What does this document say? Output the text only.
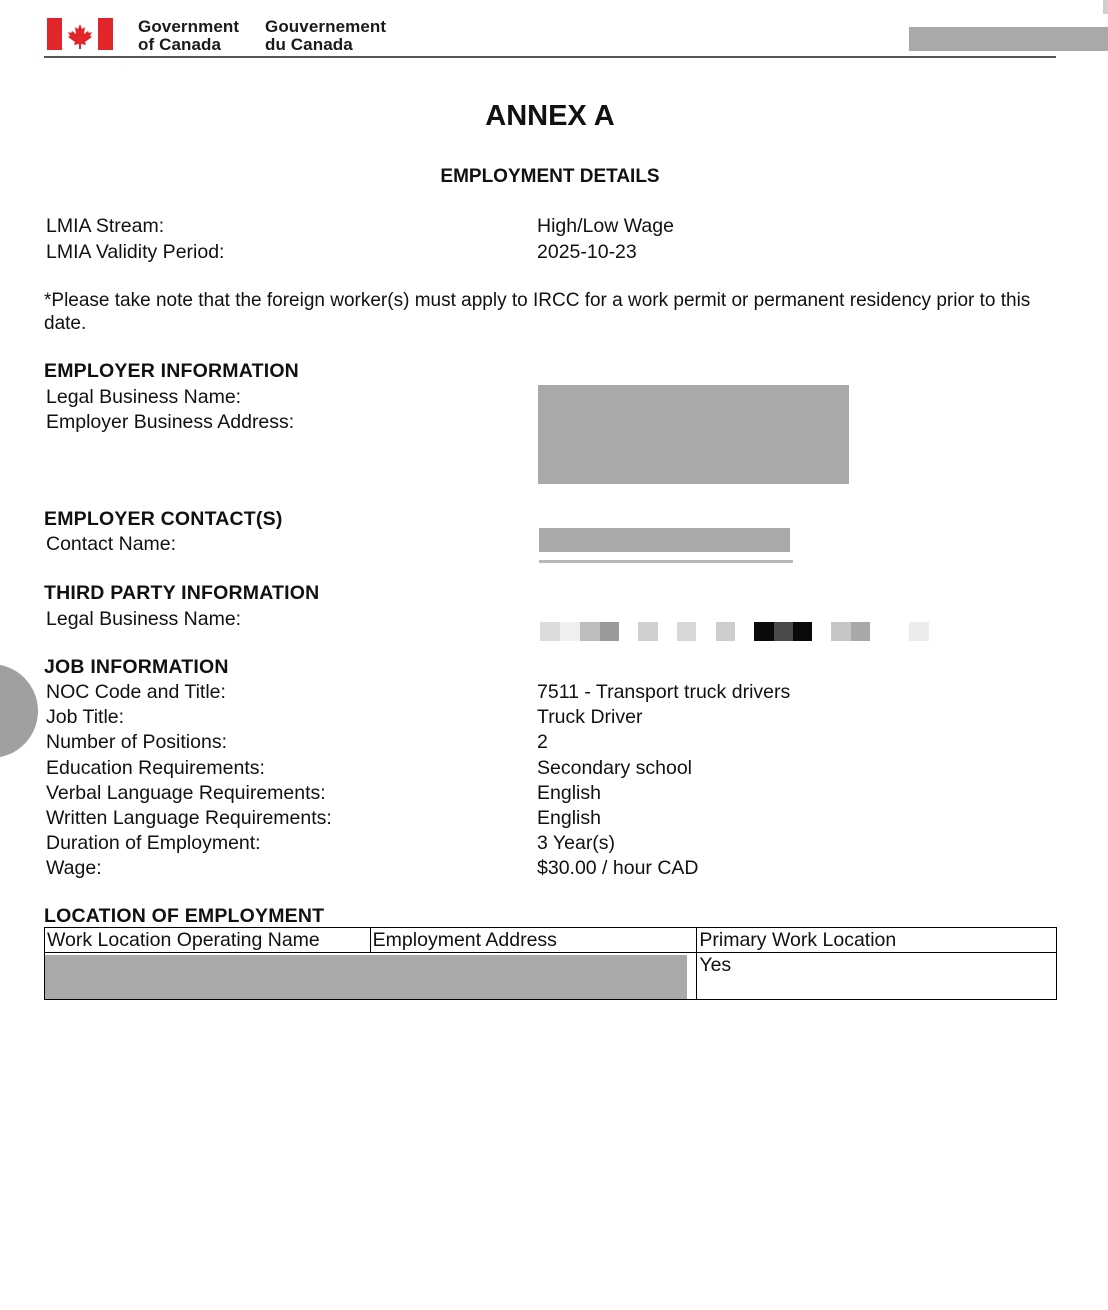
Government
of Canada
Gouvernement
du Canada
ANNEX A
EMPLOYMENT DETAILS
LMIA Stream:	High/Low Wage
LMIA Validity Period:	2025-10-23
*Please take note that the foreign worker(s) must apply to IRCC for a work permit or permanent residency prior to this date.
EMPLOYER INFORMATION
Legal Business Name:
Employer Business Address:
EMPLOYER CONTACT(S)
Contact Name:
THIRD PARTY INFORMATION
Legal Business Name:
JOB INFORMATION
NOC Code and Title:	7511 - Transport truck drivers
Job Title:	Truck Driver
Number of Positions:	2
Education Requirements:	Secondary school
Verbal Language Requirements:	English
Written Language Requirements:	English
Duration of Employment:	3 Year(s)
Wage:	$30.00 / hour CAD
LOCATION OF EMPLOYMENT
Work Location Operating Name	Employment Address	Primary Work Location

		Yes
